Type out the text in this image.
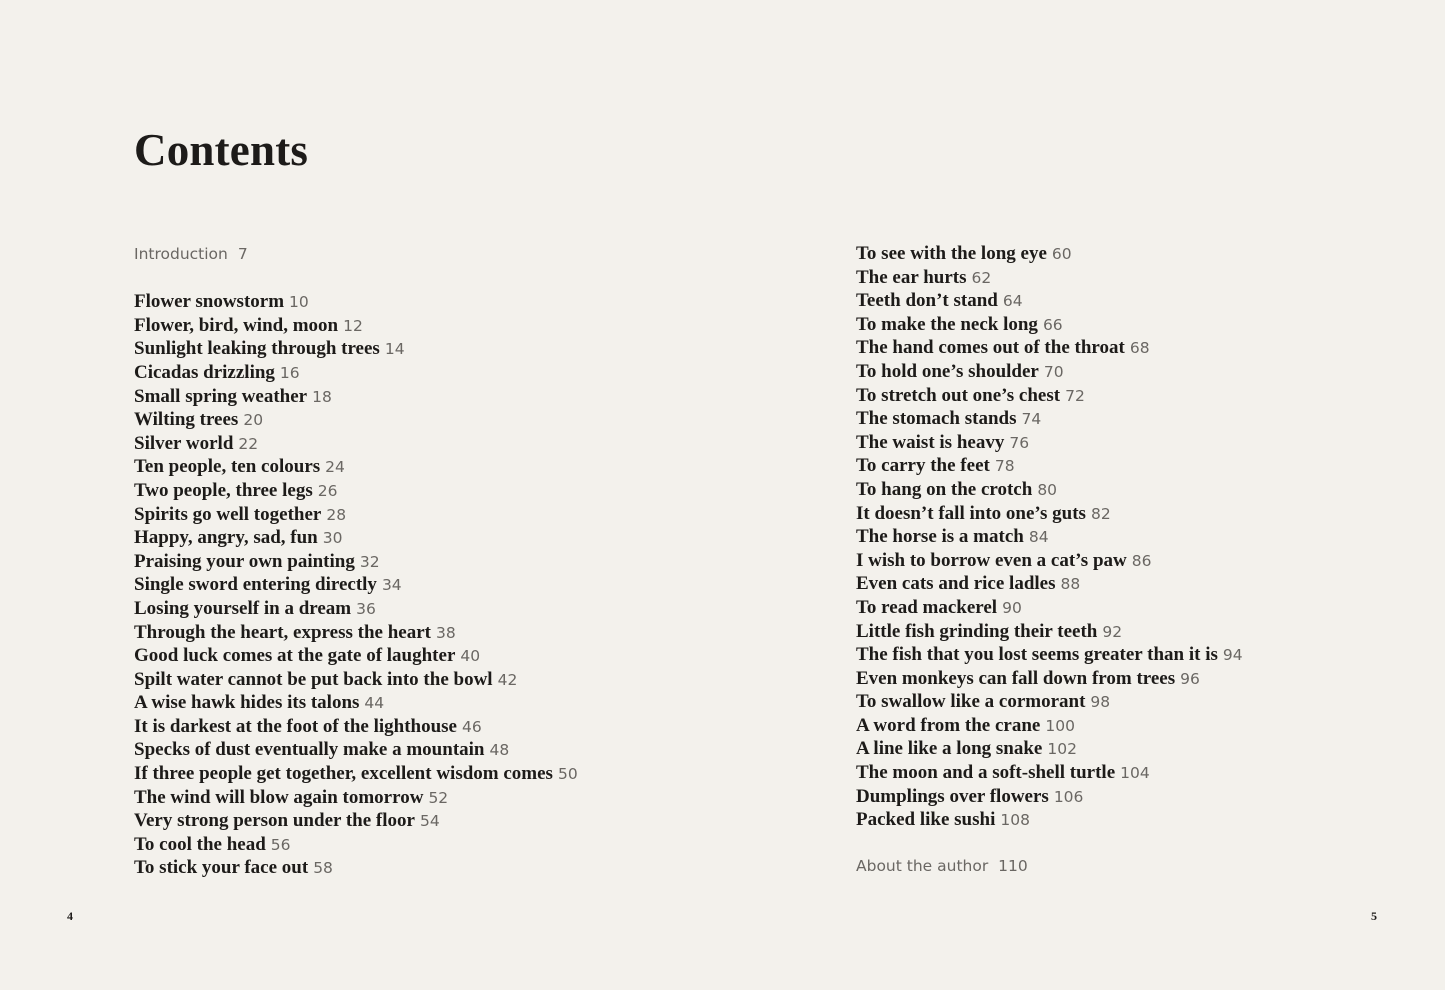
Contents
Introduction 7
Flower snowstorm 10
Flower, bird, wind, moon 12
Sunlight leaking through trees 14
Cicadas drizzling 16
Small spring weather 18
Wilting trees 20
Silver world 22
Ten people, ten colours 24
Two people, three legs 26
Spirits go well together 28
Happy, angry, sad, fun 30
Praising your own painting 32
Single sword entering directly 34
Losing yourself in a dream 36
Through the heart, express the heart 38
Good luck comes at the gate of laughter 40
Spilt water cannot be put back into the bowl 42
A wise hawk hides its talons 44
It is darkest at the foot of the lighthouse 46
Specks of dust eventually make a mountain 48
If three people get together, excellent wisdom comes 50
The wind will blow again tomorrow 52
Very strong person under the floor 54
To cool the head 56
To stick your face out 58
To see with the long eye 60
The ear hurts 62
Teeth don’t stand 64
To make the neck long 66
The hand comes out of the throat 68
To hold one’s shoulder 70
To stretch out one’s chest 72
The stomach stands 74
The waist is heavy 76
To carry the feet 78
To hang on the crotch 80
It doesn’t fall into one’s guts 82
The horse is a match 84
I wish to borrow even a cat’s paw 86
Even cats and rice ladles 88
To read mackerel 90
Little fish grinding their teeth 92
The fish that you lost seems greater than it is 94
Even monkeys can fall down from trees 96
To swallow like a cormorant 98
A word from the crane 100
A line like a long snake 102
The moon and a soft-shell turtle 104
Dumplings over flowers 106
Packed like sushi 108
About the author 110
4	5
